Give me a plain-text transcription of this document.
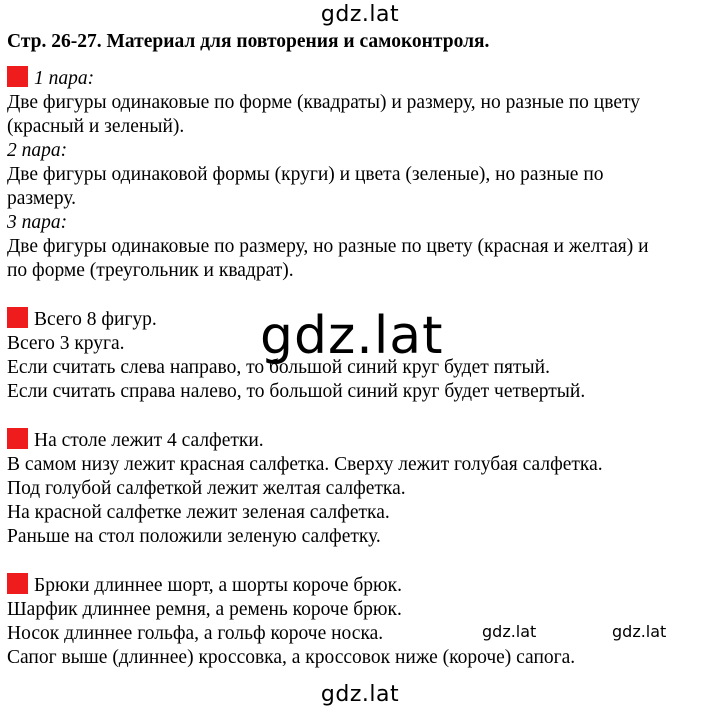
gdz.lat
Стр. 26-27. Материал для повторения и самоконтроля.
1 пара:
Две фигуры одинаковые по форме (квадраты) и размеру, но разные по цвету
(красный и зеленый).
2 пара:
Две фигуры одинаковой формы (круги) и цвета (зеленые), но разные по
размеру.
3 пара:
Две фигуры одинаковые по размеру, но разные по цвету (красная и желтая) и
по форме (треугольник и квадрат).
Всего 8 фигур.
Всего 3 круга.
Если считать слева направо, то большой синий круг будет пятый.
Если считать справа налево, то большой синий круг будет четвертый.
На столе лежит 4 салфетки.
В самом низу лежит красная салфетка. Сверху лежит голубая салфетка.
Под голубой салфеткой лежит желтая салфетка.
На красной салфетке лежит зеленая салфетка.
Раньше на стол положили зеленую салфетку.
Брюки длиннее шорт, а шорты короче брюк.
Шарфик длиннее ремня, а ремень короче брюк.
Носок длиннее гольфа, а гольф короче носка.
Сапог выше (длиннее) кроссовка, а кроссовок ниже (короче) сапога.
gdz.lat
gdz.lat	gdz.lat
gdz.lat
